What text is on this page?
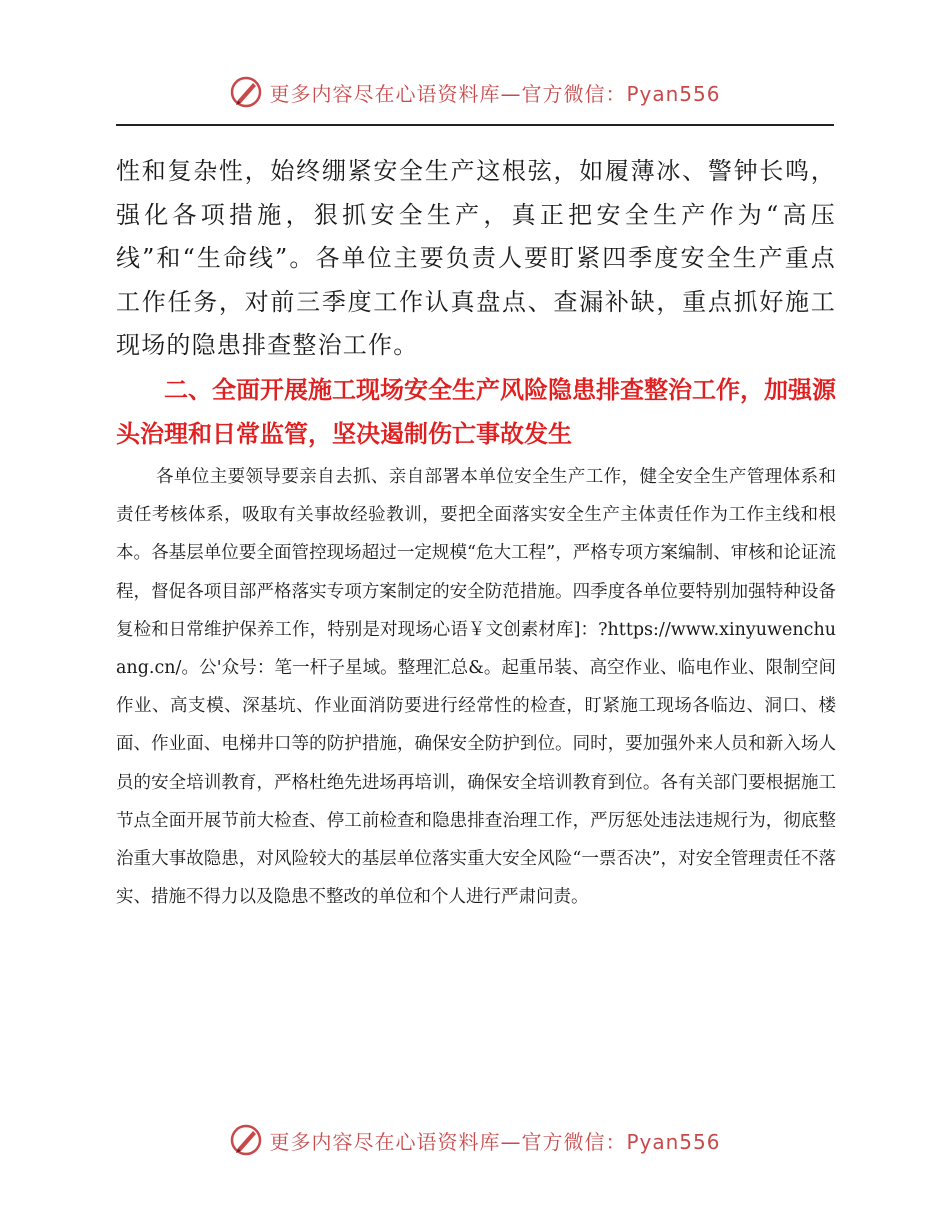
更多内容尽在心语资料库—官方微信：Pyan556
性和复杂性，始终绷紧安全生产这根弦，如履薄冰、警钟长鸣，强化各项措施，狠抓安全生产，真正把安全生产作为“高压线”和“生命线”。各单位主要负责人要盯紧四季度安全生产重点工作任务，对前三季度工作认真盘点、查漏补缺，重点抓好施工现场的隐患排查整治工作。
二、全面开展施工现场安全生产风险隐患排查整治工作，加强源头治理和日常监管，坚决遏制伤亡事故发生
各单位主要领导要亲自去抓、亲自部署本单位安全生产工作，健全安全生产管理体系和责任考核体系，吸取有关事故经验教训，要把全面落实安全生产主体责任作为工作主线和根本。各基层单位要全面管控现场超过一定规模“危大工程”，严格专项方案编制、审核和论证流程，督促各项目部严格落实专项方案制定的安全防范措施。四季度各单位要特别加强特种设备复检和日常维护保养工作，特别是对现场心语￥文创素材库]：?https://www.xinyuwenchuang.cn/。公'众号：笔一杆子星域。整理汇总&。起重吊装、高空作业、临电作业、限制空间作业、高支模、深基坑、作业面消防要进行经常性的检查，盯紧施工现场各临边、洞口、楼面、作业面、电梯井口等的防护措施，确保安全防护到位。同时，要加强外来人员和新入场人员的安全培训教育，严格杜绝先进场再培训，确保安全培训教育到位。各有关部门要根据施工节点全面开展节前大检查、停工前检查和隐患排查治理工作，严厉惩处违法违规行为，彻底整治重大事故隐患，对风险较大的基层单位落实重大安全风险“一票否决”，对安全管理责任不落实、措施不得力以及隐患不整改的单位和个人进行严肃问责。
更多内容尽在心语资料库—官方微信：Pyan556
